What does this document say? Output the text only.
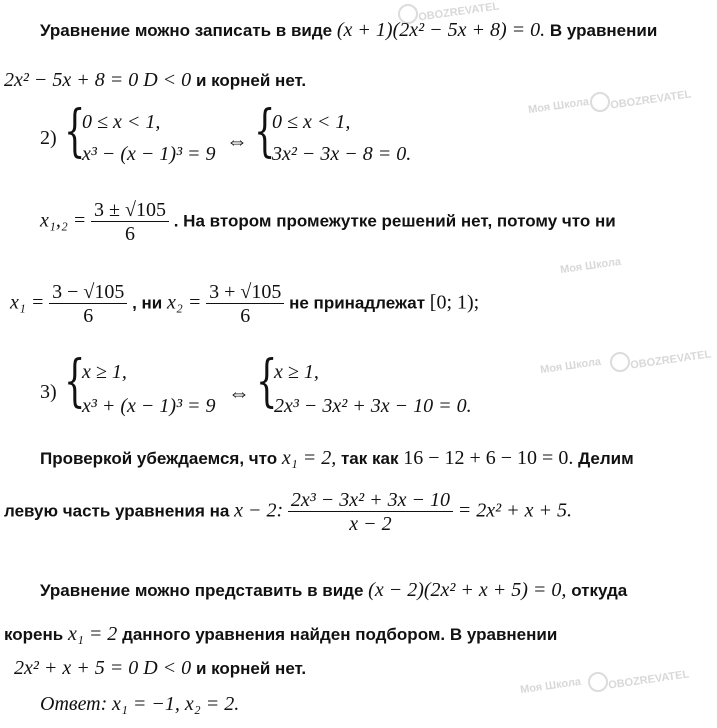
OBOZREVATEL
Моя Школа OBOZREVATEL
Моя Школа
Моя Школа	OBOZREVATEL
Моя Школа OBOZREVATEL
Уравнение можно записать в виде (x + 1)(2x² − 5x + 8) = 0. В уравнении
2x² − 5x + 8 = 0 D < 0 и корней нет.
2) {
0 ≤ x < 1,
x³ − (x − 1)³ = 9
⇔ {
0 ≤ x < 1,
3x² − 3x − 8 = 0.
$x_1,_2 = \frac{3 \pm √105}{6}$ . На втором промежутке решений нет, потому что ни
$x_1 = \frac{3 - √105}{6}$ , ни $x_2 = \frac{3 + √105}{6}$ не принадлежат [0; 1);
3) {
x ≥ 1,
x³ + (x − 1)³ = 9
⇔ {
x ≥ 1,
2x³ − 3x² + 3x − 10 = 0.
Проверкой убеждаемся, что x₁ = 2, так как 16 − 12 + 6 − 10 = 0. Делим
левую часть уравнения на x − 2: $\frac{\text{2x³ − 3x² + 3x − 10}}{x - 2} = 2x^2 + x + 5$.
Уравнение можно представить в виде (x − 2)(2x² + x + 5) = 0, откуда
корень x₁ = 2 данного уравнения найден подбором. В уравнении
2x² + x + 5 = 0 D < 0 и корней нет.
Ответ: x₁ = −1, x₂ = 2.
